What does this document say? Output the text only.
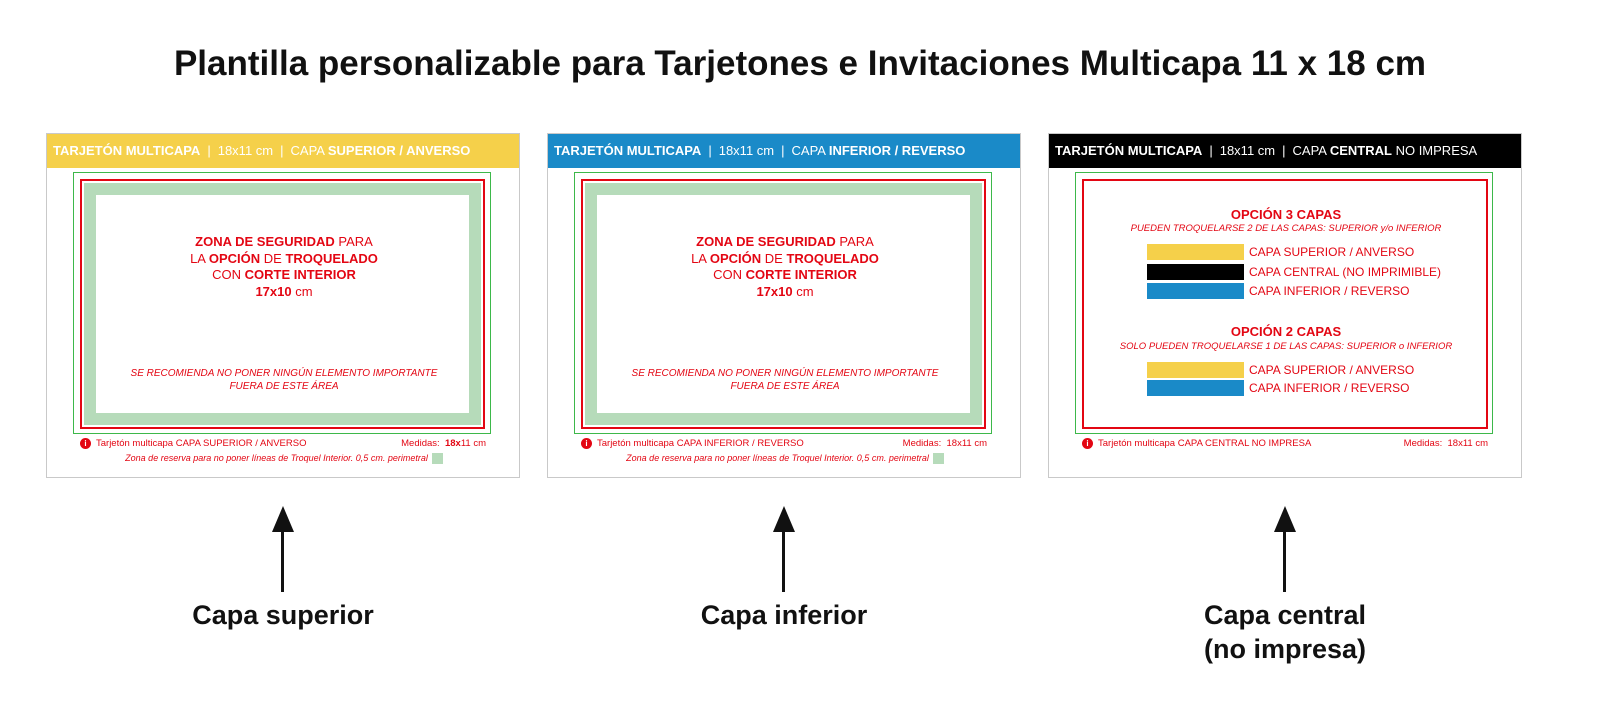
Plantilla personalizable para Tarjetones e Invitaciones Multicapa 11 x 18 cm
TARJETÓN MULTICAPA | 18x11 cm | CAPA SUPERIOR / ANVERSO
ZONA DE SEGURIDAD PARA
LA OPCIÓN DE TROQUELADO
CON CORTE INTERIOR
17x10 cm
SE RECOMIENDA NO PONER NINGÚN ELEMENTO IMPORTANTE
FUERA DE ESTE ÁREA
i Tarjetón multicapa CAPA SUPERIOR / ANVERSO	Medidas: 18x11 cm
Zona de reserva para no poner líneas de Troquel Interior. 0,5 cm. perimetral
TARJETÓN MULTICAPA | 18x11 cm | CAPA INFERIOR / REVERSO
ZONA DE SEGURIDAD PARA
LA OPCIÓN DE TROQUELADO
CON CORTE INTERIOR
17x10 cm
SE RECOMIENDA NO PONER NINGÚN ELEMENTO IMPORTANTE
FUERA DE ESTE ÁREA
i Tarjetón multicapa CAPA INFERIOR / REVERSO	Medidas: 18x11 cm
Zona de reserva para no poner líneas de Troquel Interior. 0,5 cm. perimetral
TARJETÓN MULTICAPA | 18x11 cm | CAPA CENTRAL NO IMPRESA
OPCIÓN 3 CAPAS
PUEDEN TROQUELARSE 2 DE LAS CAPAS: SUPERIOR y/o INFERIOR
CAPA SUPERIOR / ANVERSO
CAPA CENTRAL (NO IMPRIMIBLE)
CAPA INFERIOR / REVERSO
OPCIÓN 2 CAPAS
SOLO PUEDEN TROQUELARSE 1 DE LAS CAPAS: SUPERIOR o INFERIOR
CAPA SUPERIOR / ANVERSO
CAPA INFERIOR / REVERSO
i Tarjetón multicapa CAPA CENTRAL NO IMPRESA	Medidas: 18x11 cm
Capa superior	Capa inferior	Capa central
(no impresa)
